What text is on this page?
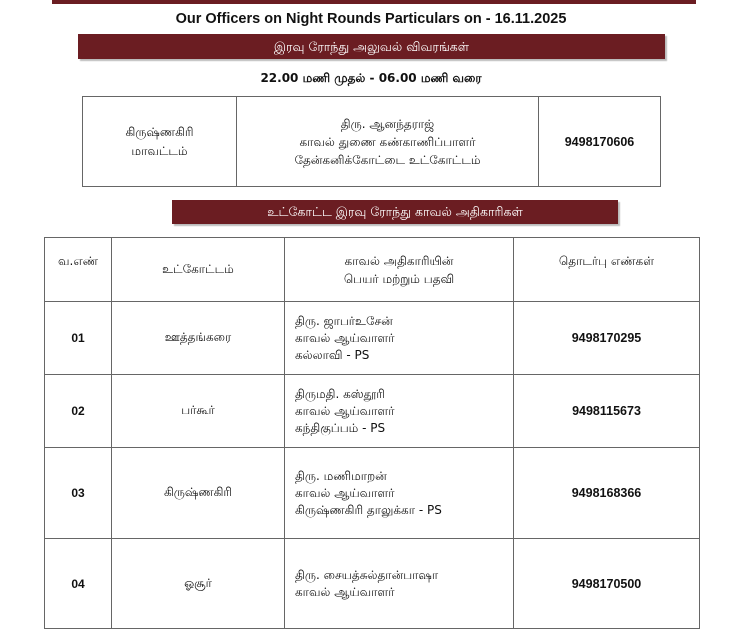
Our Officers on Night Rounds Particulars on - 16.11.2025
இரவு ரோந்து அலுவல் விவரங்கள்
22.00 மணி முதல் - 06.00 மணி வரை
கிருஷ்ணகிரி
மாவட்டம்

திரு. ஆனந்தராஜ்
காவல் துணை கண்காணிப்பாளர்
தேன்கனிக்கோட்டை உட்கோட்டம்
	9498170606
உட்கோட்ட இரவு ரோந்து காவல் அதிகாரிகள்
வ.எண்	உட்கோட்டம்	காவல் அதிகாரியின்
பெயர் மற்றும் பதவி	தொடர்பு எண்கள்
01	ஊத்தங்கரை	திரு. ஜாபர்உசேன்
காவல் ஆய்வாளர்
கல்லாவி - PS	9498170295
02	பர்கூர்	திருமதி. கஸ்தூரி
காவல் ஆய்வாளர்
கந்திகுப்பம் - PS	9498115673
03	கிருஷ்ணகிரி	திரு. மணிமாறன்
காவல் ஆய்வாளர்
கிருஷ்ணகிரி தாலுக்கா - PS	9498168366
04	ஓசூர்	திரு. சையத்சுல்தான்பாஷா
காவல் ஆய்வாளர்	9498170500
